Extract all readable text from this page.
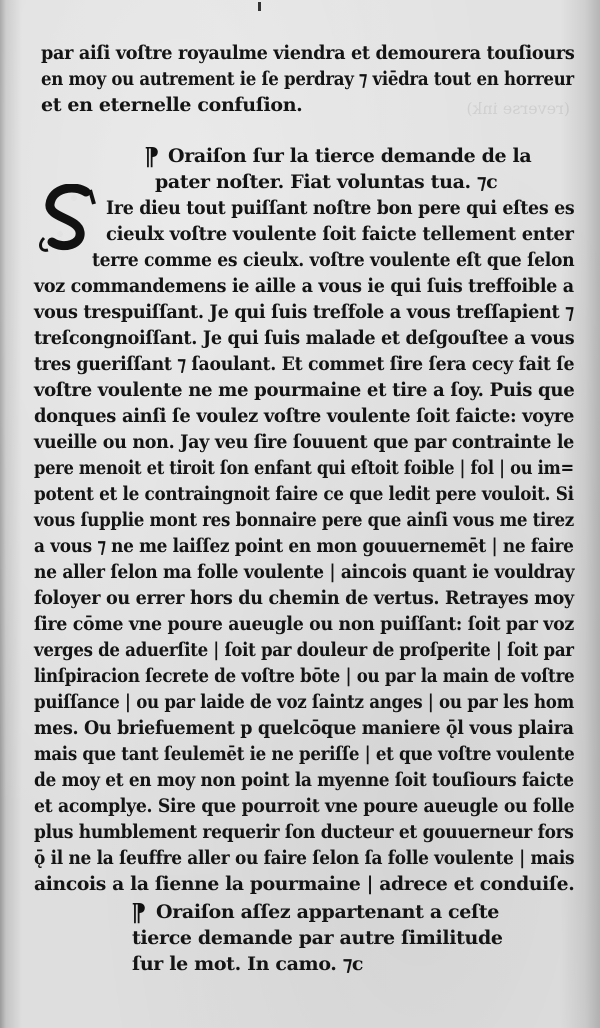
(reverse ink)
par aiſi voſtre royaulme viendra et demourera touſiours
en moy ou autrement ie ſe perdray ⁊ viēdra tout en horreur
et en eternelle confuſion.
⁋ Oraiſon ſur la tierce demande de la
pater noſter. Fiat voluntas tua. ⁊c
Ire dieu tout puiſſant noſtre bon pere qui eſtes es
cieulx voſtre voulente ſoit faicte tellement enter
terre comme es cieulx. voſtre voulente eſt que ſelon
voz commandemens ie aille a vous ie qui ſuis treffoible a
vous trespuiſſant. Je qui ſuis treſfole a vous treſſapient ⁊
treſcongnoiſſant. Je qui ſuis malade et deſgouſtee a vous
tres gueriſſant ⁊ ſaoulant. Et commet ſire ſera cecy fait ſe
voſtre voulente ne me pourmaine et tire a ſoy. Puis que
donques ainſi ſe voulez voſtre voulente ſoit faicte: voyre
vueille ou non. Jay veu ſire ſouuent que par contrainte le
pere menoit et tiroit ſon enfant qui eſtoit foible | fol | ou im=
potent et le contraingnoit faire ce que ledit pere vouloit. Si
vous ſupplie mont res bonnaire pere que ainſi vous me tirez
a vous ⁊ ne me laiſſez point en mon gouuernemēt | ne faire
ne aller ſelon ma folle voulente | aincois quant ie vouldray
foloyer ou errer hors du chemin de vertus. Retrayes moy
ſire cōme vne poure aueugle ou non puiſſant: ſoit par voz
verges de aduerſite | ſoit par douleur de proſperite | ſoit par
linſpiracion ſecrete de voſtre bōte | ou par la main de voſtre
puiſſance | ou par laide de voz ſaintz anges | ou par les hom
mes. Ou briefuement p quelcōque maniere ǭl vous plaira
mais que tant ſeulemēt ie ne periſſe | et que voſtre voulente
de moy et en moy non point la myenne ſoit touſiours faicte
et acomplye. Sire que pourroit vne poure aueugle ou folle
plus humblement requerir ſon ducteur et gouuerneur fors
ǭ il ne la ſeuffre aller ou faire ſelon ſa folle voulente | mais
aincois a la ſienne la pourmaine | adrece et conduiſe.
⁋ Oraiſon aſſez appartenant a ceſte
tierce demande par autre ſimilitude
ſur le mot. In camo. ⁊c
